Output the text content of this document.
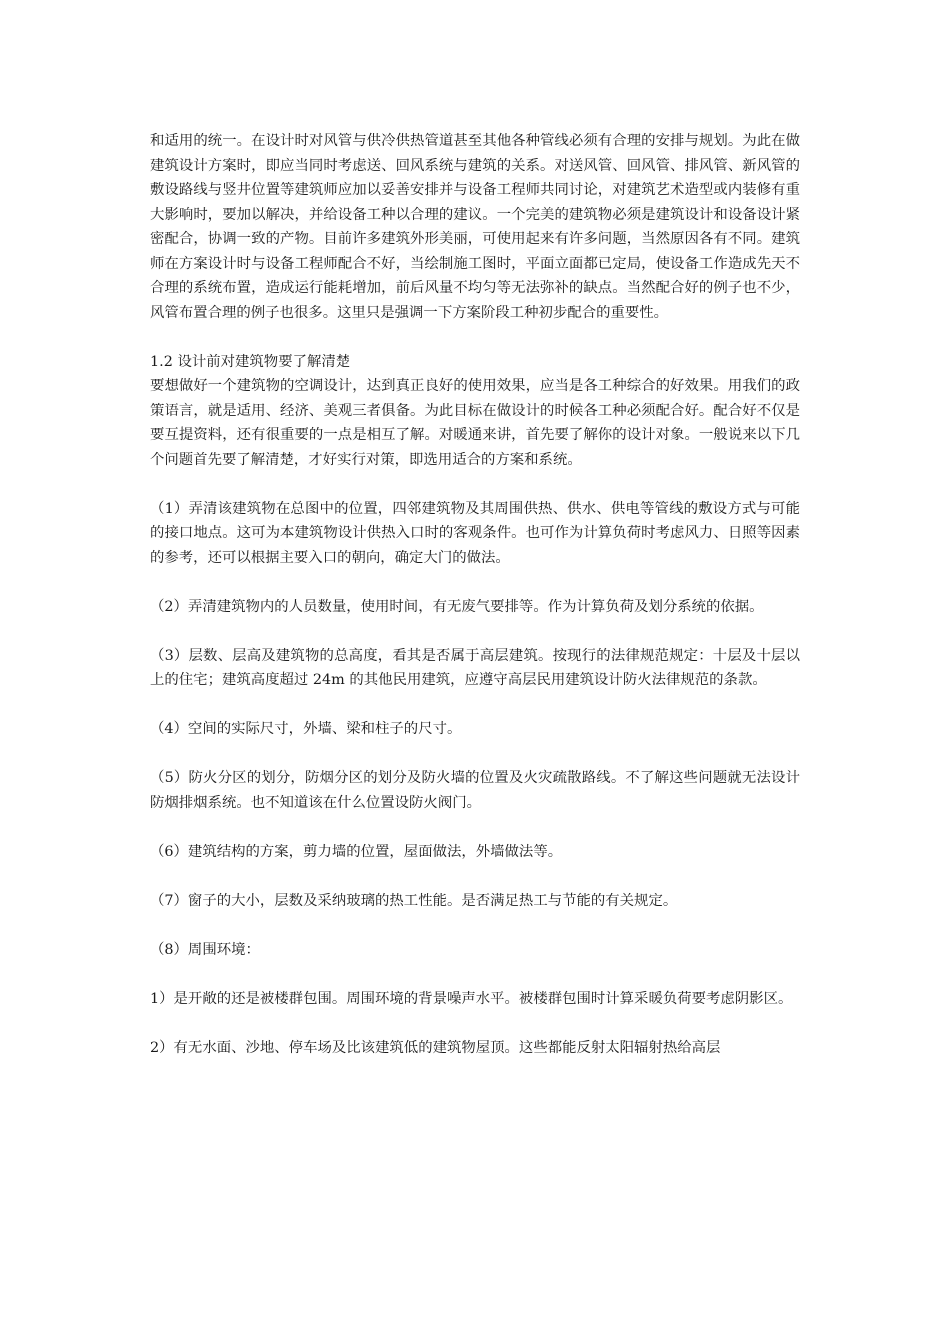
和适用的统一。在设计时对风管与供冷供热管道甚至其他各种管线必须有合理的安排与规划。为此在做建筑设计方案时，即应当同时考虑送、回风系统与建筑的关系。对送风管、回风管、排风管、新风管的敷设路线与竖井位置等建筑师应加以妥善安排并与设备工程师共同讨论，对建筑艺术造型或内装修有重大影响时，要加以解决，并给设备工种以合理的建议。一个完美的建筑物必须是建筑设计和设备设计紧密配合，协调一致的产物。目前许多建筑外形美丽，可使用起来有许多问题，当然原因各有不同。建筑师在方案设计时与设备工程师配合不好，当绘制施工图时，平面立面都已定局，使设备工作造成先天不合理的系统布置，造成运行能耗增加，前后风量不均匀等无法弥补的缺点。当然配合好的例子也不少，风管布置合理的例子也很多。这里只是强调一下方案阶段工种初步配合的重要性。

1.2 设计前对建筑物要了解清楚

要想做好一个建筑物的空调设计，达到真正良好的使用效果，应当是各工种综合的好效果。用我们的政策语言，就是适用、经济、美观三者俱备。为此目标在做设计的时候各工种必须配合好。配合好不仅是要互提资料，还有很重要的一点是相互了解。对暖通来讲，首先要了解你的设计对象。一般说来以下几个问题首先要了解清楚，才好实行对策，即选用适合的方案和系统。

（1）弄清该建筑物在总图中的位置，四邻建筑物及其周围供热、供水、供电等管线的敷设方式与可能的接口地点。这可为本建筑物设计供热入口时的客观条件。也可作为计算负荷时考虑风力、日照等因素的参考，还可以根据主要入口的朝向，确定大门的做法。

（2）弄清建筑物内的人员数量，使用时间，有无废气要排等。作为计算负荷及划分系统的依据。

（3）层数、层高及建筑物的总高度，看其是否属于高层建筑。按现行的法律规范规定：十层及十层以上的住宅；建筑高度超过 24m 的其他民用建筑，应遵守高层民用建筑设计防火法律规范的条款。

（4）空间的实际尺寸，外墙、梁和柱子的尺寸。

（5）防火分区的划分，防烟分区的划分及防火墙的位置及火灾疏散路线。不了解这些问题就无法设计防烟排烟系统。也不知道该在什么位置设防火阀门。

（6）建筑结构的方案，剪力墙的位置，屋面做法，外墙做法等。

（7）窗子的大小，层数及采纳玻璃的热工性能。是否满足热工与节能的有关规定。

（8）周围环境：

1）是开敞的还是被楼群包围。周围环境的背景噪声水平。被楼群包围时计算采暖负荷要考虑阴影区。

2）有无水面、沙地、停车场及比该建筑低的建筑物屋顶。这些都能反射太阳辐射热给高层
